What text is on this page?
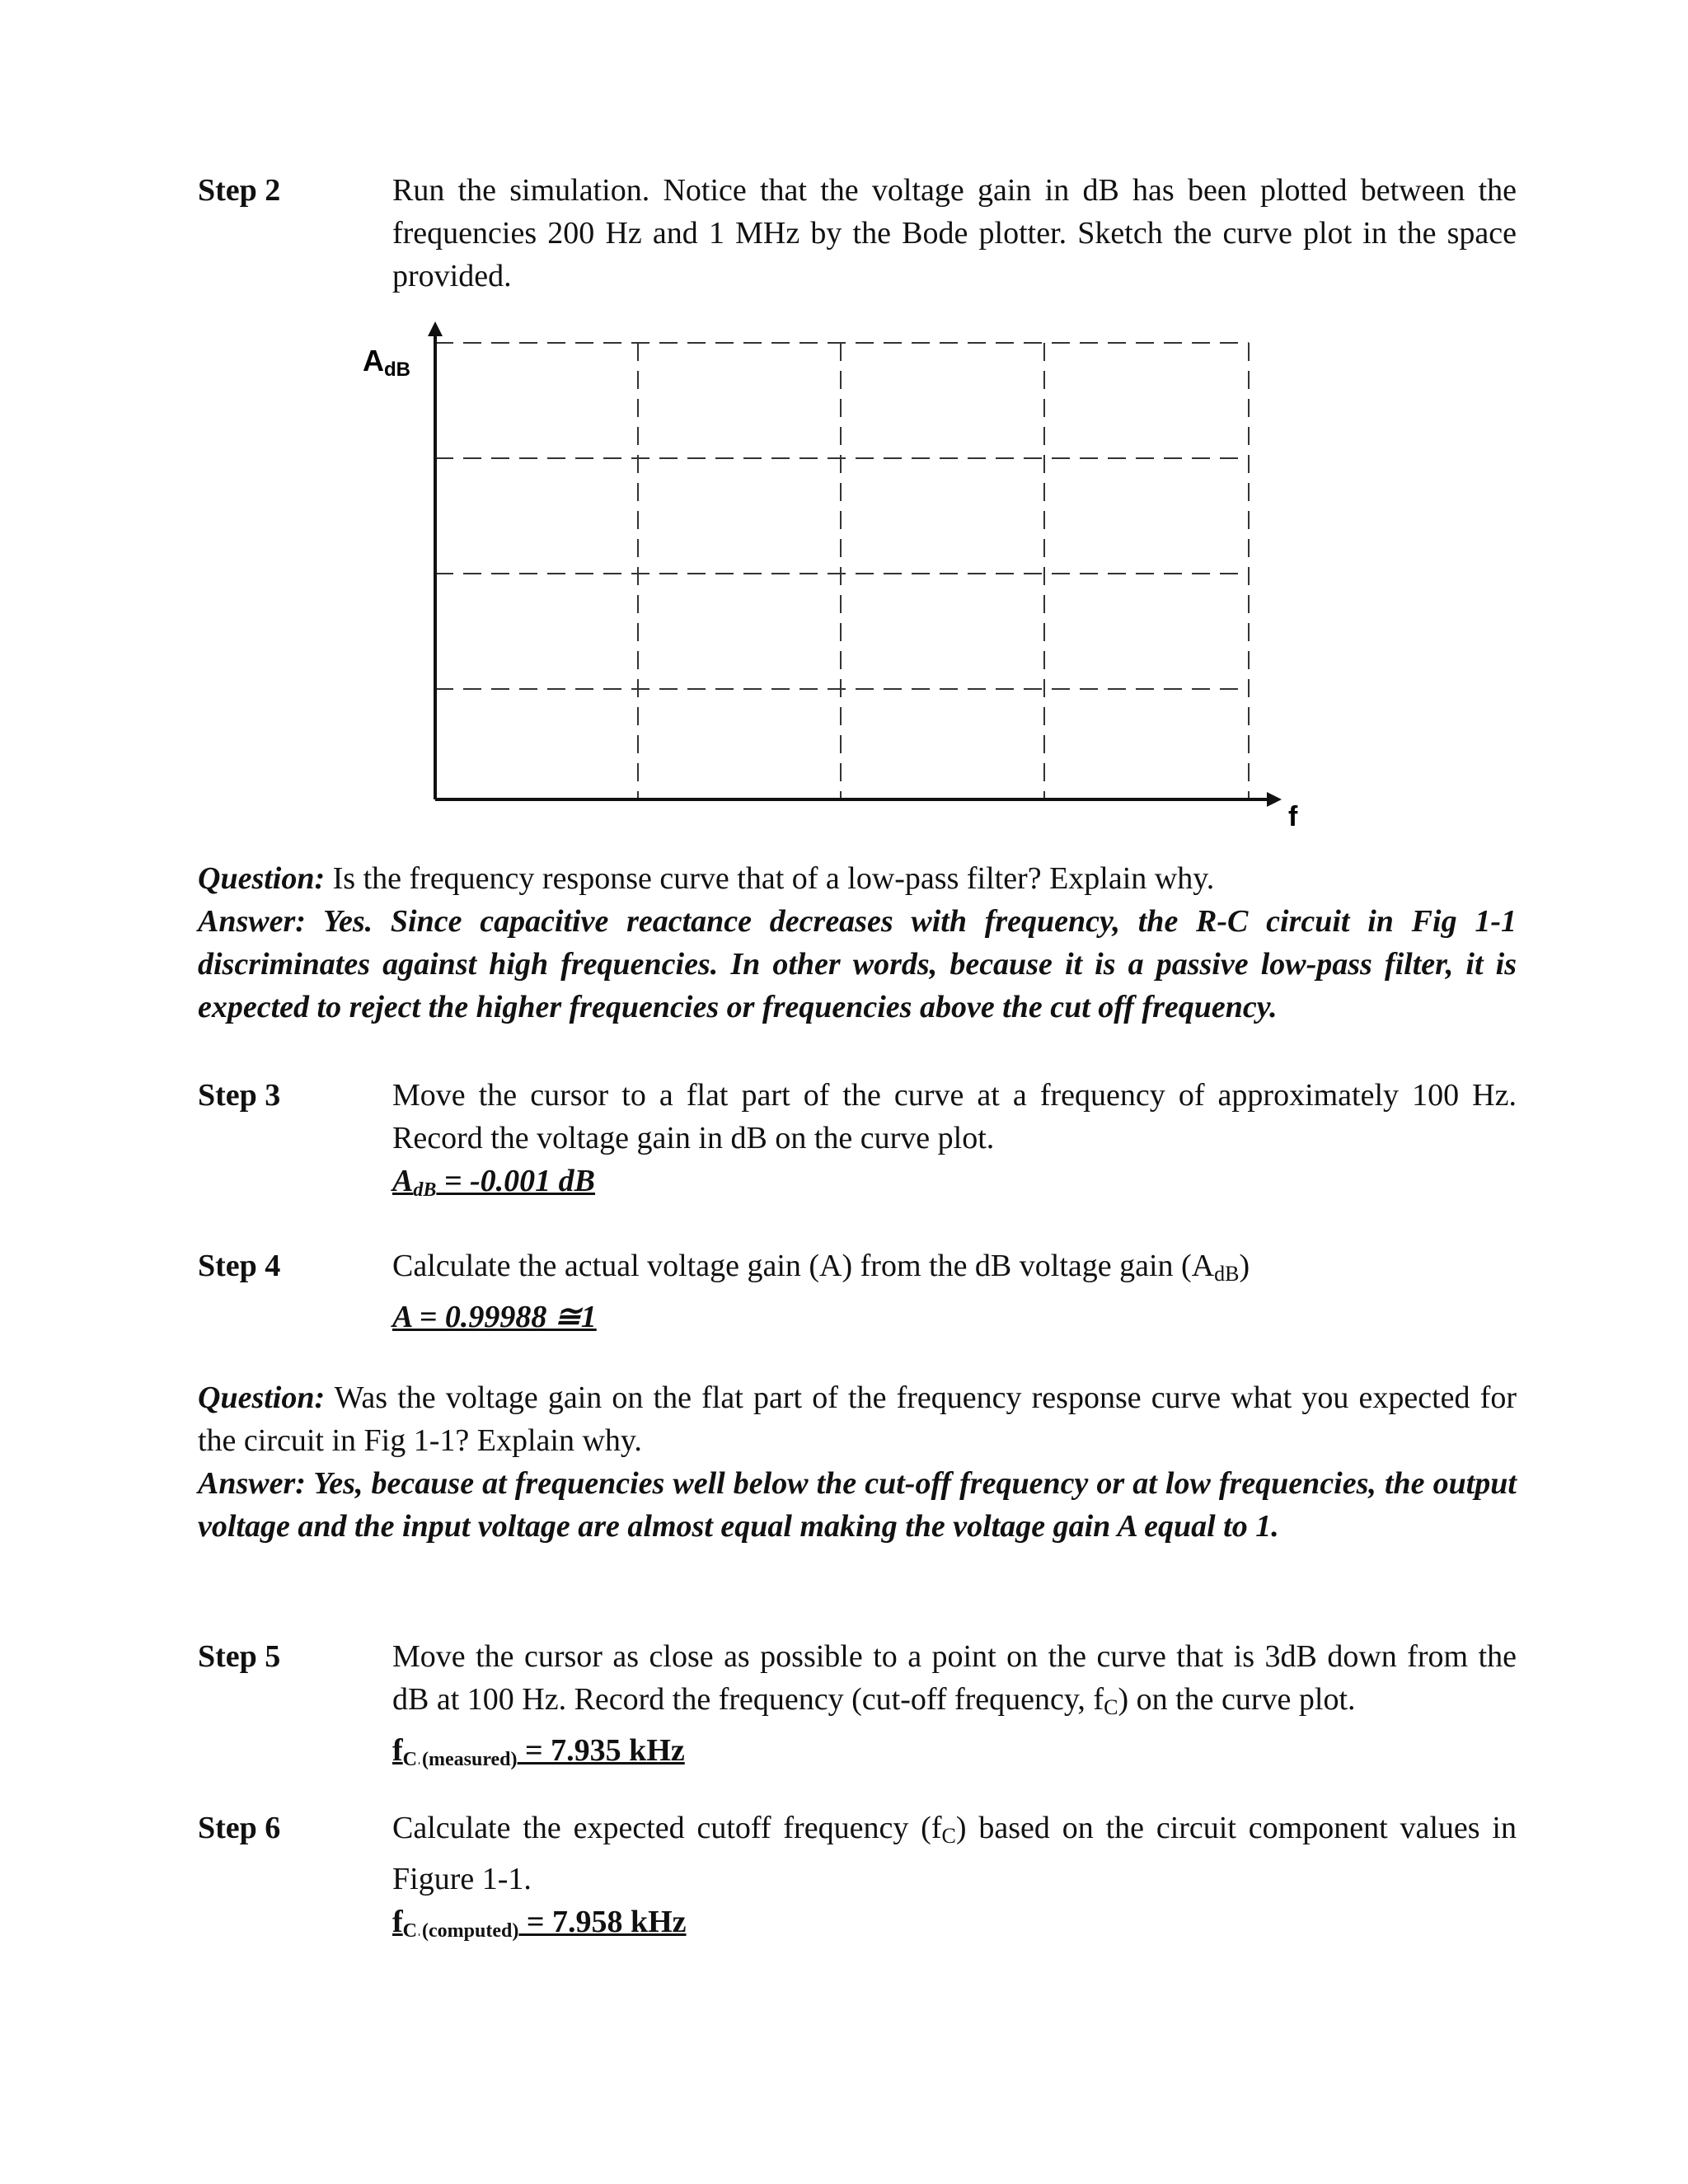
Step 2	Run the simulation. Notice that the voltage gain in dB has been plotted between the frequencies 200 Hz and 1 MHz by the Bode plotter. Sketch the curve plot in the space provided.
AdB
f
Question: Is the frequency response curve that of a low-pass filter? Explain why.
Answer: Yes. Since capacitive reactance decreases with frequency, the R-C circuit in Fig 1-1 discriminates against high frequencies. In other words, because it is a passive low-pass filter, it is expected to reject the higher frequencies or frequencies above the cut off frequency.
Step 3	Move the cursor to a flat part of the curve at a frequency of approximately 100 Hz. Record the voltage gain in dB on the curve plot.
$A_{dB} = -0.001$ dB
Step 4	Calculate the actual voltage gain (A) from the dB voltage gain (AdB)
A = 0.99988 ≅1
Question: Was the voltage gain on the flat part of the frequency response curve what you expected for the circuit in Fig 1-1? Explain why.
Answer: Yes, because at frequencies well below the cut-off frequency or at low frequencies, the output voltage and the input voltage are almost equal making the voltage gain A equal to 1.
Step 5	Move the cursor as close as possible to a point on the curve that is 3dB down from the dB at 100 Hz. Record the frequency (cut-off frequency, fC) on the curve plot.
$f_{C (measured)} = 7.935$ kHz
Step 6	Calculate the expected cutoff frequency (fC) based on the circuit component values in Figure 1-1.
$f_{C (computed)} = 7.958$ kHz
